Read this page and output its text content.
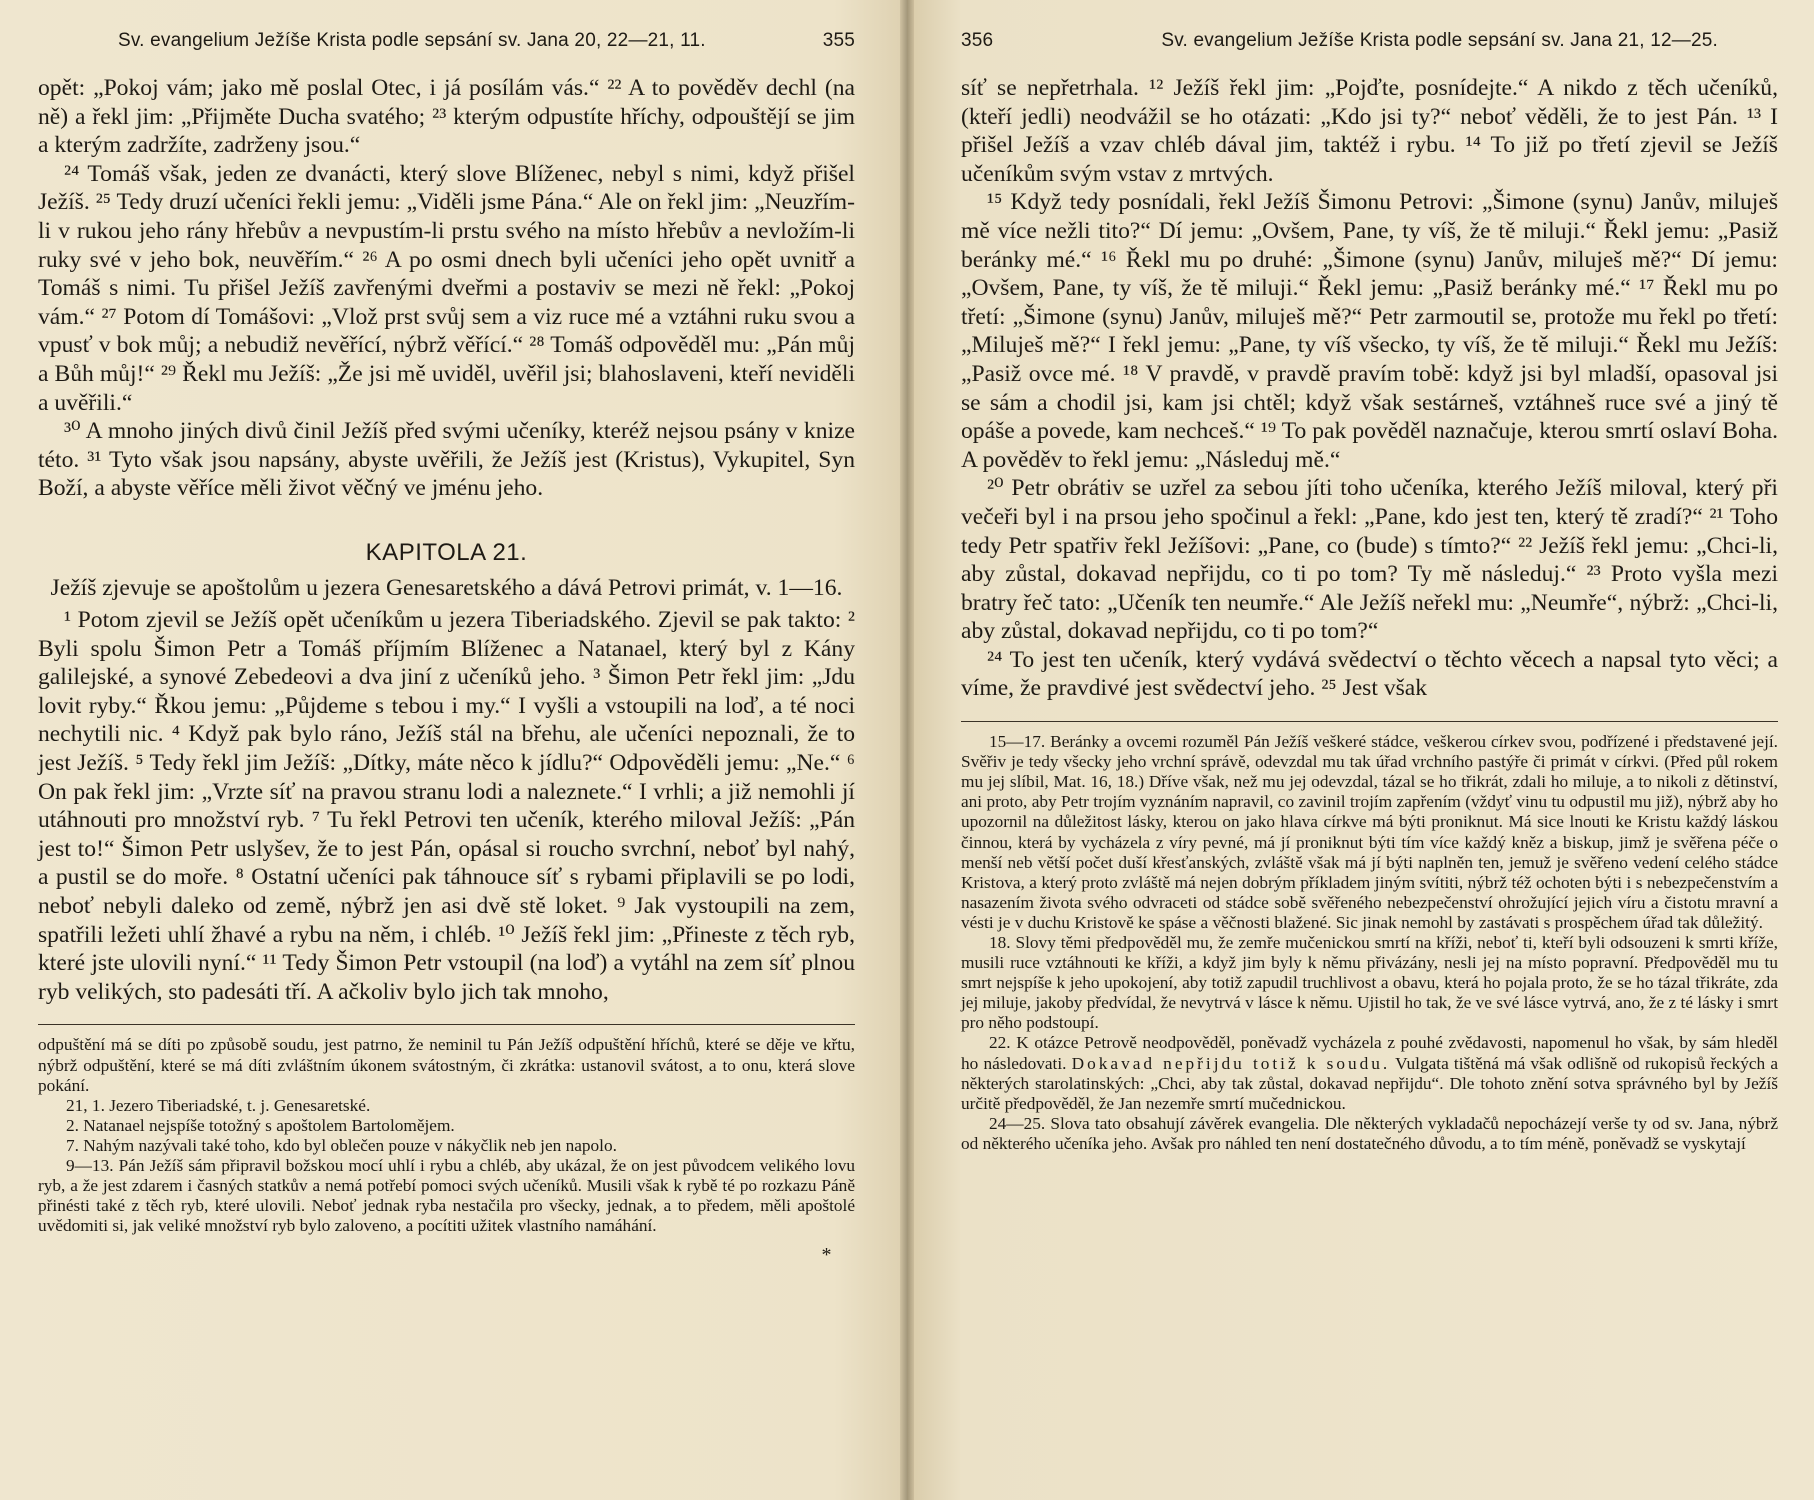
Sv. evangelium Ježíše Krista podle sepsání sv. Jana 20, 22—21, 11.	355

opět: „Pokoj vám; jako mě poslal Otec, i já posílám vás.“ ²² A to pověděv dechl (na ně) a řekl jim: „Přijměte Ducha svatého; ²³ kterým odpustíte hříchy, odpouštějí se jim a kterým zadržíte, zadrženy jsou.“

²⁴ Tomáš však, jeden ze dvanácti, který slove Blíženec, nebyl s nimi, když přišel Ježíš. ²⁵ Tedy druzí učeníci řekli jemu: „Viděli jsme Pána.“ Ale on řekl jim: „Neuzřím-li v rukou jeho rány hřebův a nevpustím-li prstu svého na místo hřebův a nevložím-li ruky své v jeho bok, neuvěřím.“ ²⁶ A po osmi dnech byli učeníci jeho opět uvnitř a Tomáš s nimi. Tu přišel Ježíš zavřenými dveřmi a postaviv se mezi ně řekl: „Pokoj vám.“ ²⁷ Potom dí Tomášovi: „Vlož prst svůj sem a viz ruce mé a vztáhni ruku svou a vpusť v bok můj; a nebudiž nevěřící, nýbrž věřící.“ ²⁸ Tomáš odpověděl mu: „Pán můj a Bůh můj!“ ²⁹ Řekl mu Ježíš: „Že jsi mě uviděl, uvěřil jsi; blahoslaveni, kteří neviděli a uvěřili.“

³⁰ A mnoho jiných divů činil Ježíš před svými učeníky, kteréž nejsou psány v knize této. ³¹ Tyto však jsou napsány, abyste uvěřili, že Ježíš jest (Kristus), Vykupitel, Syn Boží, a abyste věříce měli život věčný ve jménu jeho.

KAPITOLA 21.
Ježíš zjevuje se apoštolům u jezera Genesaretského a dává Petrovi primát, v. 1—16.

¹ Potom zjevil se Ježíš opět učeníkům u jezera Tiberiadského. Zjevil se pak takto: ² Byli spolu Šimon Petr a Tomáš příjmím Blíženec a Natanael, který byl z Kány galilejské, a synové Zebedeovi a dva jiní z učeníků jeho. ³ Šimon Petr řekl jim: „Jdu lovit ryby.“ Řkou jemu: „Půjdeme s tebou i my.“ I vyšli a vstoupili na loď, a té noci nechytili nic. ⁴ Když pak bylo ráno, Ježíš stál na břehu, ale učeníci nepoznali, že to jest Ježíš. ⁵ Tedy řekl jim Ježíš: „Dítky, máte něco k jídlu?“ Odpověděli jemu: „Ne.“ ⁶ On pak řekl jim: „Vrzte síť na pravou stranu lodi a naleznete.“ I vrhli; a již nemohli jí utáhnouti pro množství ryb. ⁷ Tu řekl Petrovi ten učeník, kterého miloval Ježíš: „Pán jest to!“ Šimon Petr uslyšev, že to jest Pán, opásal si roucho svrchní, neboť byl nahý, a pustil se do moře. ⁸ Ostatní učeníci pak táhnouce síť s rybami připlavili se po lodi, neboť nebyli daleko od země, nýbrž jen asi dvě stě loket. ⁹ Jak vystoupili na zem, spatřili ležeti uhlí žhavé a rybu na něm, i chléb. ¹⁰ Ježíš řekl jim: „Přineste z těch ryb, které jste ulovili nyní.“ ¹¹ Tedy Šimon Petr vstoupil (na loď) a vytáhl na zem síť plnou ryb velikých, sto padesáti tří. A ačkoliv bylo jich tak mnoho,

odpuštění má se díti po způsobě soudu, jest patrno, že neminil tu Pán Ježíš odpuštění hříchů, které se děje ve křtu, nýbrž odpuštění, které se má díti zvláštním úkonem svátostným, či zkrátka: ustanovil svátost, a to onu, která slove pokání.

21, 1. Jezero Tiberiadské, t. j. Genesaretské.

2. Natanael nejspíše totožný s apoštolem Bartolomějem.

7. Nahým nazývali také toho, kdo byl oblečen pouze v nákyčlik neb jen napolo.

9—13. Pán Ježíš sám připravil božskou mocí uhlí i rybu a chléb, aby ukázal, že on jest původcem velikého lovu ryb, a že jest zdarem i časných statkův a nemá potřebí pomoci svých učeníků. Musili však k rybě té po rozkazu Páně přinésti také z těch ryb, které ulovili. Neboť jednak ryba nestačila pro všecky, jednak, a to předem, měli apoštolé uvědomiti si, jak veliké množství ryb bylo zaloveno, a pocítiti užitek vlastního namáhání.

*
356	Sv. evangelium Ježíše Krista podle sepsání sv. Jana 21, 12—25.

síť se nepřetrhala. ¹² Ježíš řekl jim: „Pojďte, posnídejte.“ A nikdo z těch učeníků, (kteří jedli) neodvážil se ho otázati: „Kdo jsi ty?“ neboť věděli, že to jest Pán. ¹³ I přišel Ježíš a vzav chléb dával jim, taktéž i rybu. ¹⁴ To již po třetí zjevil se Ježíš učeníkům svým vstav z mrtvých.

¹⁵ Když tedy posnídali, řekl Ježíš Šimonu Petrovi: „Šimone (synu) Janův, miluješ mě více nežli tito?“ Dí jemu: „Ovšem, Pane, ty víš, že tě miluji.“ Řekl jemu: „Pasiž beránky mé.“ ¹⁶ Řekl mu po druhé: „Šimone (synu) Janův, miluješ mě?“ Dí jemu: „Ovšem, Pane, ty víš, že tě miluji.“ Řekl jemu: „Pasiž beránky mé.“ ¹⁷ Řekl mu po třetí: „Šimone (synu) Janův, miluješ mě?“ Petr zarmoutil se, protože mu řekl po třetí: „Miluješ mě?“ I řekl jemu: „Pane, ty víš všecko, ty víš, že tě miluji.“ Řekl mu Ježíš: „Pasiž ovce mé. ¹⁸ V pravdě, v pravdě pravím tobě: když jsi byl mladší, opasoval jsi se sám a chodil jsi, kam jsi chtěl; když však sestárneš, vztáhneš ruce své a jiný tě opáše a povede, kam nechceš.“ ¹⁹ To pak pověděl naznačuje, kterou smrtí oslaví Boha. A pověděv to řekl jemu: „Následuj mě.“

²⁰ Petr obrátiv se uzřel za sebou jíti toho učeníka, kterého Ježíš miloval, který při večeři byl i na prsou jeho spočinul a řekl: „Pane, kdo jest ten, který tě zradí?“ ²¹ Toho tedy Petr spatřiv řekl Ježíšovi: „Pane, co (bude) s tímto?“ ²² Ježíš řekl jemu: „Chci-li, aby zůstal, dokavad nepřijdu, co ti po tom? Ty mě následuj.“ ²³ Proto vyšla mezi bratry řeč tato: „Učeník ten neumře.“ Ale Ježíš neřekl mu: „Neumře“, nýbrž: „Chci-li, aby zůstal, dokavad nepřijdu, co ti po tom?“

²⁴ To jest ten učeník, který vydává svědectví o těchto věcech a napsal tyto věci; a víme, že pravdivé jest svědectví jeho. ²⁵ Jest však

15—17. Beránky a ovcemi rozuměl Pán Ježíš veškeré stádce, veškerou církev svou, podřízené i představené její. Svěřiv je tedy všecky jeho vrchní správě, odevzdal mu tak úřad vrchního pastýře či primát v církvi. (Před půl rokem mu jej slíbil, Mat. 16, 18.) Dříve však, než mu jej odevzdal, tázal se ho třikrát, zdali ho miluje, a to nikoli z dětinství, ani proto, aby Petr trojím vyznáním napravil, co zavinil trojím zapřením (vždyť vinu tu odpustil mu již), nýbrž aby ho upozornil na důležitost lásky, kterou on jako hlava církve má býti proniknut. Má sice lnouti ke Kristu každý láskou činnou, která by vycházela z víry pevné, má jí proniknut býti tím více každý kněz a biskup, jimž je svěřena péče o menší neb větší počet duší křesťanských, zvláště však má jí býti naplněn ten, jemuž je svěřeno vedení celého stádce Kristova, a který proto zvláště má nejen dobrým příkladem jiným svítiti, nýbrž též ochoten býti i s nebezpečenstvím a nasazením života svého odvraceti od stádce sobě svěřeného nebezpečenství ohrožující jejich víru a čistotu mravní a vésti je v duchu Kristově ke spáse a věčnosti blažené. Sic jinak nemohl by zastávati s prospěchem úřad tak důležitý.

18. Slovy těmi předpověděl mu, že zemře mučenickou smrtí na kříži, neboť ti, kteří byli odsouzeni k smrti kříže, musili ruce vztáhnouti ke kříži, a když jim byly k němu přivázány, nesli jej na místo popravní. Předpověděl mu tu smrt nejspíše k jeho upokojení, aby totiž zapudil truchlivost a obavu, která ho pojala proto, že se ho tázal třikráte, zda jej miluje, jakoby předvídal, že nevytrvá v lásce k němu. Ujistil ho tak, že ve své lásce vytrvá, ano, že z té lásky i smrt pro něho podstoupí.

22. K otázce Petrově neodpověděl, poněvadž vycházela z pouhé zvědavosti, napomenul ho však, by sám hleděl ho následovati. Dokavad nepřijdu totiž k soudu. Vulgata tištěná má však odlišně od rukopisů řeckých a některých starolatinských: „Chci, aby tak zůstal, dokavad nepřijdu“. Dle tohoto znění sotva správného byl by Ježíš určitě předpověděl, že Jan nezemře smrtí mučednickou.

24—25. Slova tato obsahují závěrek evangelia. Dle některých vykladačů nepocházejí verše ty od sv. Jana, nýbrž od některého učeníka jeho. Avšak pro náhled ten není dostatečného důvodu, a to tím méně, poněvadž se vyskytají
